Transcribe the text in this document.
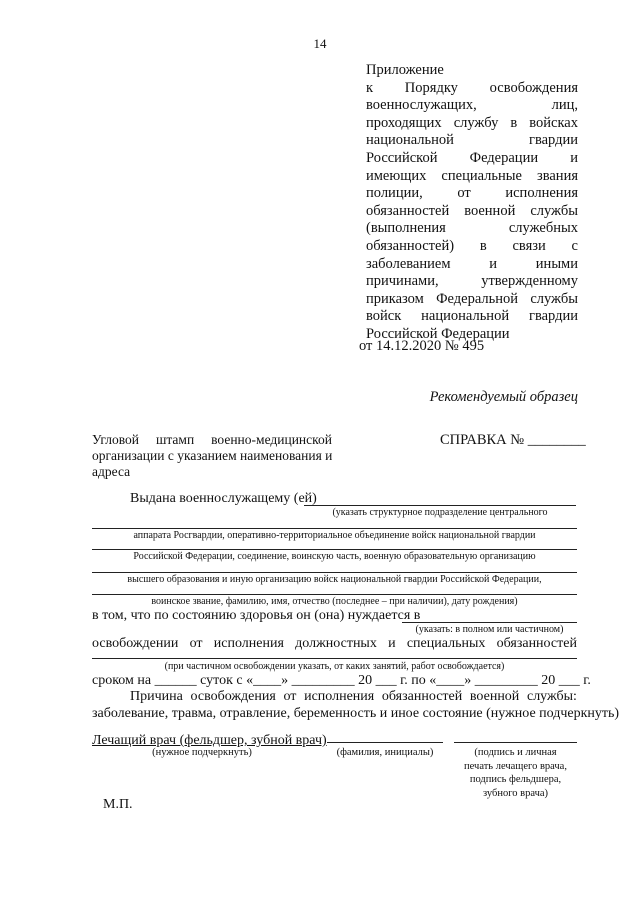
14
Приложение
к Порядку освобождения
военнослужащих, лиц,
проходящих службу в войсках
национальной гвардии
Российской Федерации и
имеющих специальные звания
полиции, от исполнения
обязанностей военной службы
(выполнения служебных
обязанностей) в связи с
заболеванием и иными
причинами, утвержденному
приказом Федеральной службы
войск национальной гвардии
Российской Федерации
от 14.12.2020 № 495
Рекомендуемый образец
Угловой штамп военно-медицинской
организации с указанием наименования и
адреса
СПРАВКА № ________
Выдана военнослужащему (ей)
(указать структурное подразделение центрального
аппарата Росгвардии, оперативно-территориальное объединение войск национальной гвардии
Российской Федерации, соединение, воинскую часть, военную образовательную организацию
высшего образования и иную организацию войск национальной гвардии Российской Федерации,
воинское звание, фамилию, имя, отчество (последнее – при наличии), дату рождения)
в том, что по состоянию здоровья он (она) нуждается в
(указать: в полном или частичном)
освобождении от исполнения должностных и специальных обязанностей
(при частичном освобождении указать, от каких занятий, работ освобождается)
сроком на ______ суток с «____» _________ 20 ___ г. по «____» _________ 20 ___ г.
Причина освобождения от исполнения обязанностей военной службы:
заболевание, травма, отравление, беременность и иное состояние (нужное подчеркнуть)
Лечащий врач (фельдшер, зубной врач)
(нужное подчеркнуть)	(фамилия, инициалы)	(подпись и личная
печать лечащего врача,
подпись фельдшера,
зубного врача)
М.П.
